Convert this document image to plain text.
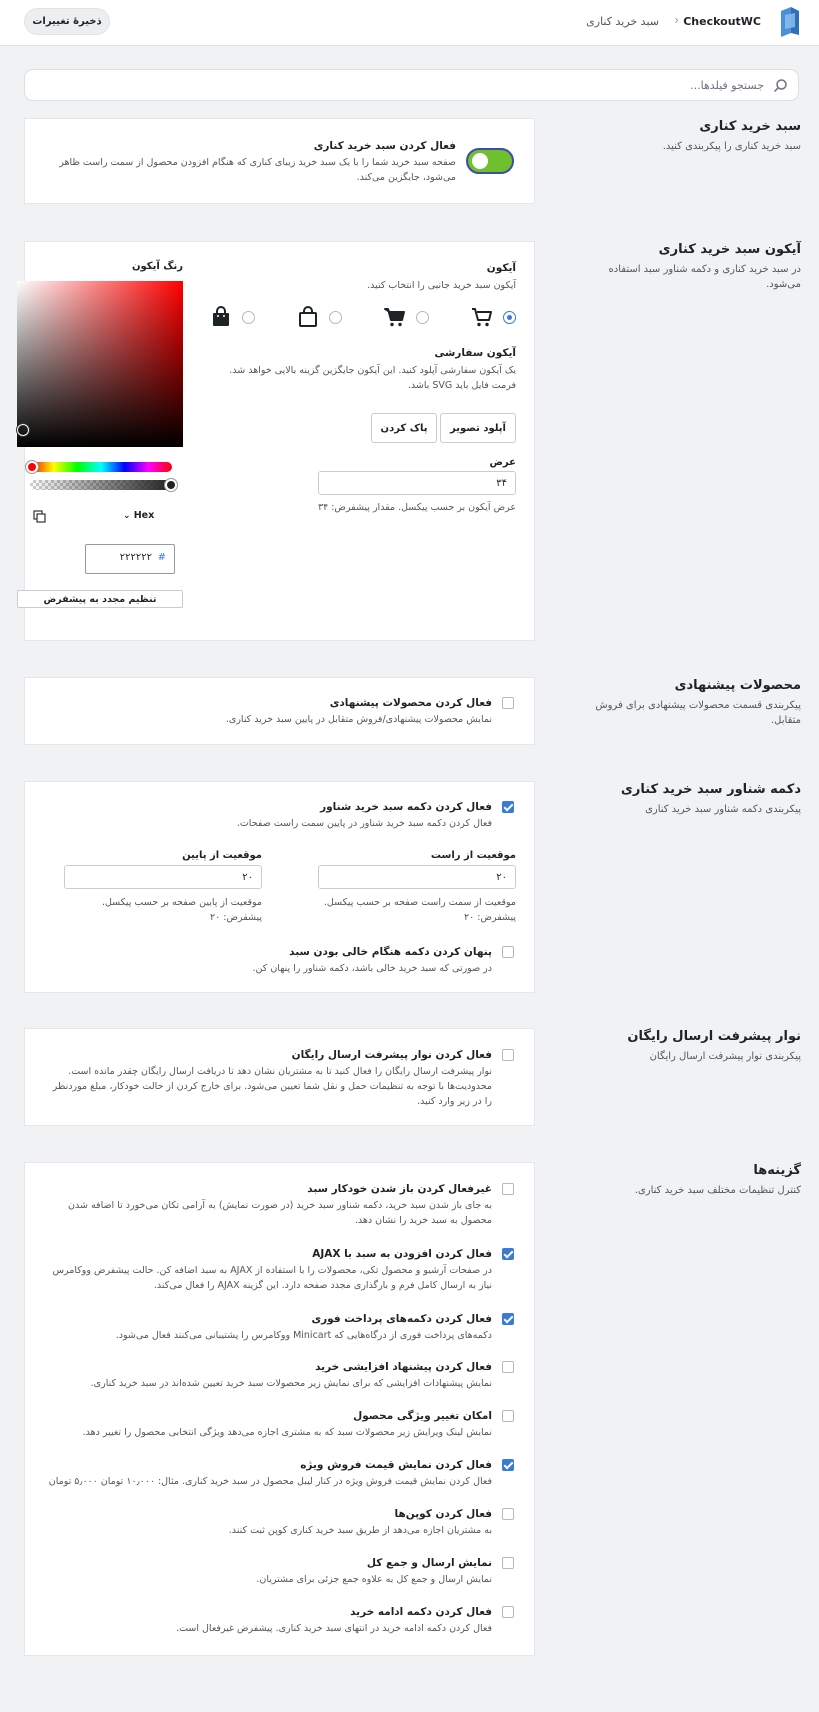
CheckoutWC
‹
سبد خرید کناری
ذخیرهٔ تغییرات
جستجو فیلدها...
سبد خرید کناری
سبد خرید کناری را پیکربندی کنید.
فعال کردن سبد خرید کناری
صفحه سبد خرید شما را با یک سبد خرید زیبای کناری که هنگام افزودن محصول از سمت راست ظاهر می‌شود، جایگزین می‌کند.
آیکون سبد خرید کناری
در سبد خرید کناری و دکمه شناور سبد استفاده می‌شود.
آیکون
آیکون سبد خرید جانبی را انتخاب کنید.
آیکون سفارشی
یک آیکون سفارشی آپلود کنید. این آیکون جایگزین گزینه بالایی خواهد شد. فرمت فایل باید SVG باشد.
آپلود تصویر
پاک کردن
عرض
۳۴
عرض آیکون بر حسب پیکسل. مقدار پیشفرض: ۳۴
رنگ آیکون
⌄ Hex
#
۲۲۲۲۲۲
تنظیم مجدد به پیشفرض
محصولات پیشنهادی
پیکربندی قسمت محصولات پیشنهادی برای فروش متقابل.
فعال کردن محصولات پیشنهادی
نمایش محصولات پیشنهادی/فروش متقابل در پایین سبد خرید کناری.
دکمه شناور سبد خرید کناری
پیکربندی دکمه شناور سبد خرید کناری
فعال کردن دکمه سبد خرید شناور
فعال کردن دکمه سبد خرید شناور در پایین سمت راست صفحات.
موقعیت از راست
۲۰
موقعیت از سمت راست صفحه بر حسب پیکسل. پیشفرض: ۲۰
موقعیت از پایین
۲۰
موقعیت از پایین صفحه بر حسب پیکسل. پیشفرض: ۲۰
پنهان کردن دکمه هنگام خالی بودن سبد
در صورتی که سبد خرید خالی باشد، دکمه شناور را پنهان کن.
نوار پیشرفت ارسال رایگان
پیکربندی نوار پیشرفت ارسال رایگان
فعال کردن نوار پیشرفت ارسال رایگان
نوار پیشرفت ارسال رایگان را فعال کنید تا به مشتریان نشان دهد تا دریافت ارسال رایگان چقدر مانده است. محدودیت‌ها با توجه به تنظیمات حمل و نقل شما تعیین می‌شود. برای خارج کردن از حالت خودکار، مبلغ موردنظر را در زیر وارد کنید.
گزینه‌ها
کنترل تنظیمات مختلف سبد خرید کناری.
غیرفعال کردن باز شدن خودکار سبد
به جای باز شدن سبد خرید، دکمه شناور سبد خرید (در صورت نمایش) به آرامی تکان می‌خورد تا اضافه شدن محصول به سبد خرید را نشان دهد.
فعال کردن افزودن به سبد با AJAX
در صفحات آرشیو و محصول تکی، محصولات را با استفاده از AJAX به سبد اضافه کن. حالت پیشفرض ووکامرس نیاز به ارسال کامل فرم و بارگذاری مجدد صفحه دارد. این گزینه AJAX را فعال می‌کند.
فعال کردن دکمه‌های پرداخت فوری
دکمه‌های پرداخت فوری از درگاه‌هایی که Minicart ووکامرس را پشتیبانی می‌کنند فعال می‌شود.
فعال کردن پیشنهاد افزایشی خرید
نمایش پیشنهادات افزایشی که برای نمایش زیر محصولات سبد خرید تعیین شده‌اند در سبد خرید کناری.
امکان تغییر ویژگی محصول
نمایش لینک ویرایش زیر محصولات سبد که به مشتری اجازه می‌دهد ویژگی انتخابی محصول را تغییر دهد.
فعال کردن نمایش قیمت فروش ویژه
فعال کردن نمایش قیمت فروش ویژه در کنار لیبل محصول در سبد خرید کناری. مثال: ۱۰٫۰۰۰ تومان ۵٫۰۰۰ تومان
فعال کردن کوپن‌ها
به مشتریان اجازه می‌دهد از طریق سبد خرید کناری کوپن ثبت کنند.
نمایش ارسال و جمع کل
نمایش ارسال و جمع کل به علاوه جمع جزئی برای مشتریان.
فعال کردن دکمه ادامه خرید
فعال کردن دکمه ادامه خرید در انتهای سبد خرید کناری. پیشفرض غیرفعال است.
